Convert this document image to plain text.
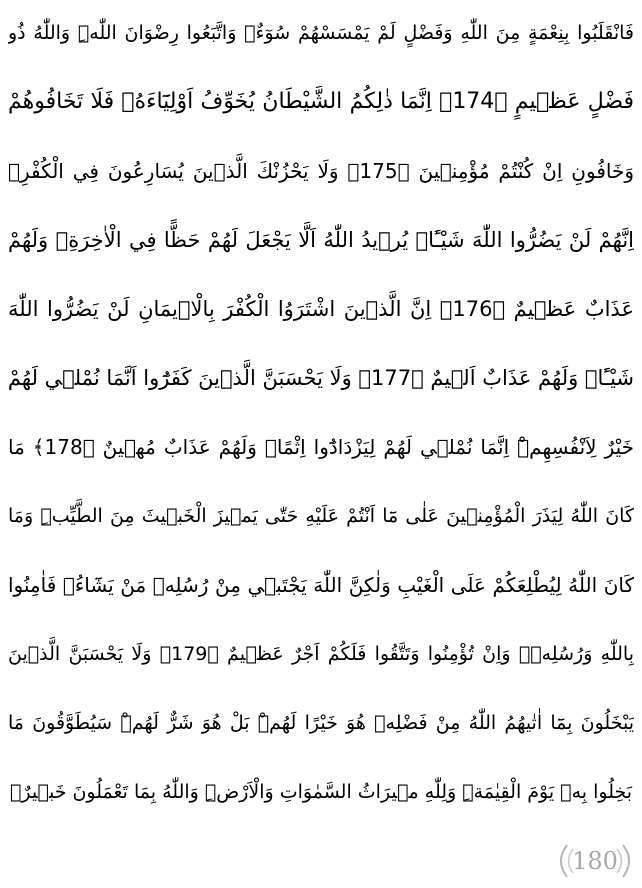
فَانْقَلَبُوا بِنِعْمَةٍ مِنَ اللّٰهِ وَفَضْلٍ لَمْ يَمْسَسْهُمْ سُوٓءٌۙ وَاتَّبَعُوا رِضْوَانَ اللّٰهِۜ وَاللّٰهُ ذُو
فَضْلٍ عَظ۪يمٍ ﴿174﴾ اِنَّمَا ذٰلِكُمُ الشَّيْطَانُ يُخَوِّفُ اَوْلِيَٓاءَهُۖ فَلَا تَخَافُوهُمْ
وَخَافُونِ اِنْ كُنْتُمْ مُؤْمِن۪ينَ ﴿175﴾ وَلَا يَحْزُنْكَ الَّذ۪ينَ يُسَارِعُونَ فِي الْكُفْرِۚ
اِنَّهُمْ لَنْ يَضُرُّوا اللّٰهَ شَيْـًٔاۜ يُر۪يدُ اللّٰهُ اَلَّا يَجْعَلَ لَهُمْ حَظًّا فِي الْاٰخِرَةِۚ وَلَهُمْ
عَذَابٌ عَظ۪يمٌ ﴿176﴾ اِنَّ الَّذ۪ينَ اشْتَرَوُا الْكُفْرَ بِالْا۪يمَانِ لَنْ يَضُرُّوا اللّٰهَ
شَيْـًٔاۚ وَلَهُمْ عَذَابٌ اَل۪يمٌ ﴿177﴾ وَلَا يَحْسَبَنَّ الَّذ۪ينَ كَفَرُٓوا اَنَّمَا نُمْل۪ي لَهُمْ
خَيْرٌ لِاَنْفُسِهِمْۜ اِنَّمَا نُمْل۪ي لَهُمْ لِيَزْدَادُٓوا اِثْمًاۚ وَلَهُمْ عَذَابٌ مُه۪ينٌ ﴿178﴾ مَا
كَانَ اللّٰهُ لِيَذَرَ الْمُؤْمِن۪ينَ عَلٰى مَٓا اَنْتُمْ عَلَيْهِ حَتّٰى يَم۪يزَ الْخَب۪يثَ مِنَ الطَّيِّبِۜ وَمَا
كَانَ اللّٰهُ لِيُطْلِعَكُمْ عَلَى الْغَيْبِ وَلٰكِنَّ اللّٰهَ يَجْتَب۪ي مِنْ رُسُلِه۪ مَنْ يَشَٓاءُۖ فَاٰمِنُوا
بِاللّٰهِ وَرُسُلِه۪ۚ وَاِنْ تُؤْمِنُوا وَتَتَّقُوا فَلَكُمْ اَجْرٌ عَظ۪يمٌ ﴿179﴾ وَلَا يَحْسَبَنَّ الَّذ۪ينَ
يَبْخَلُونَ بِمَٓا اٰتٰيهُمُ اللّٰهُ مِنْ فَضْلِه۪ هُوَ خَيْرًا لَهُمْۜ بَلْ هُوَ شَرٌّ لَهُمْۜ سَيُطَوَّقُونَ مَا
بَخِلُوا بِه۪ يَوْمَ الْقِيٰمَةِۜ وَلِلّٰهِ م۪يرَاثُ السَّمٰوَاتِ وَالْاَرْضِۜ وَاللّٰهُ بِمَا تَعْمَلُونَ خَب۪يرٌ۟
180
